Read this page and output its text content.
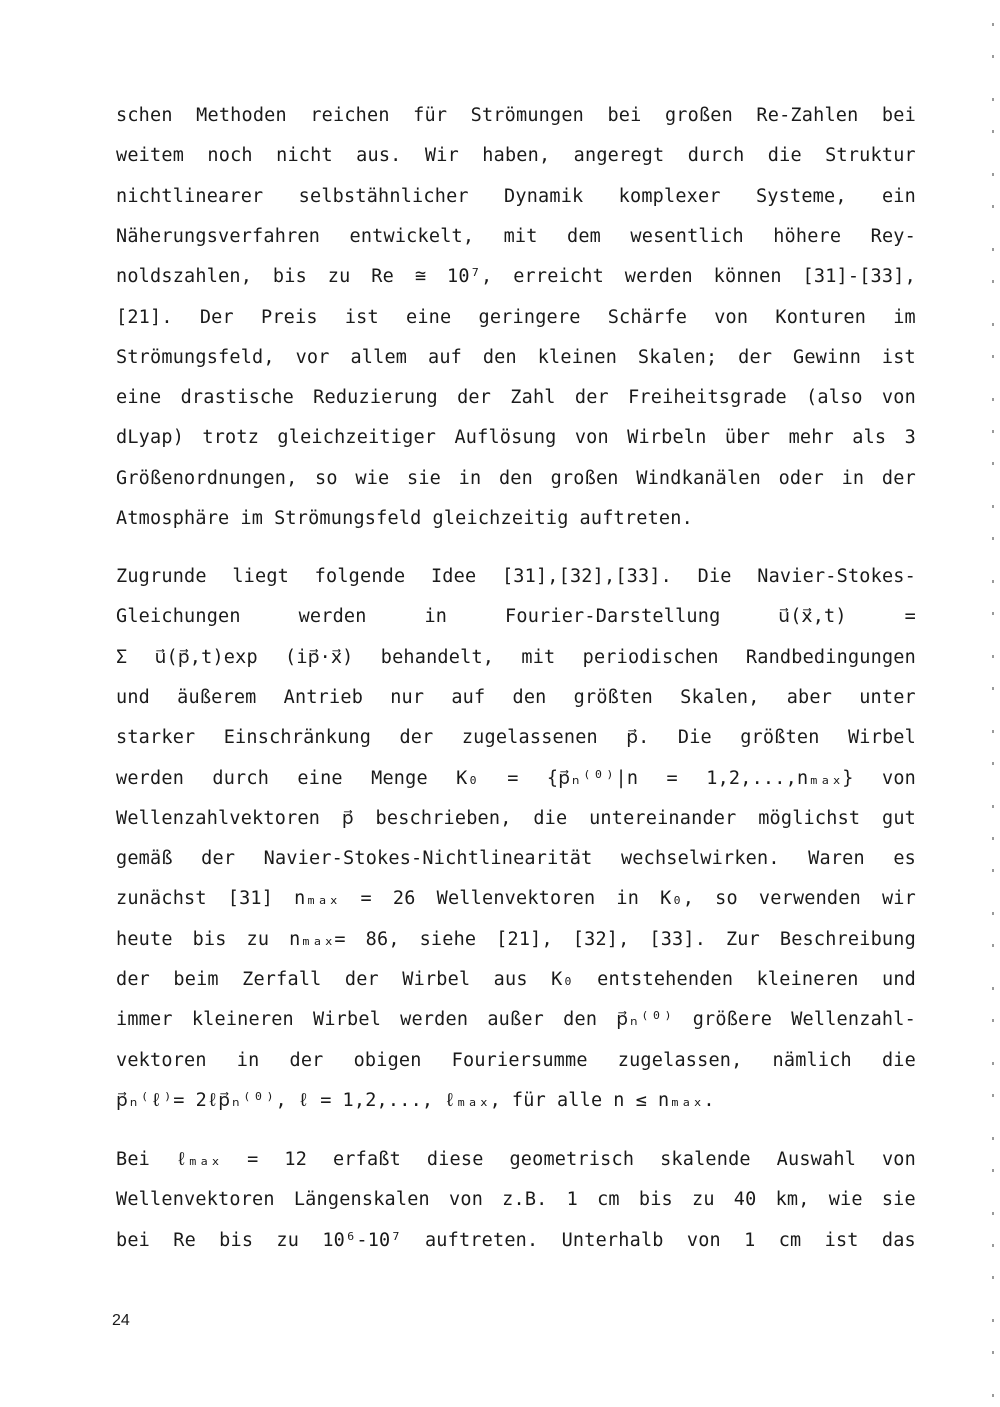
schen Methoden reichen für Strömungen bei großen Re-Zahlen bei
weitem noch nicht aus. Wir haben, angeregt durch die Struktur
nichtlinearer selbstähnlicher Dynamik komplexer Systeme, ein
Näherungsverfahren entwickelt, mit dem wesentlich höhere Rey-
noldszahlen, bis zu Re ≅ 10⁷, erreicht werden können [31]-[33],
[21]. Der Preis ist eine geringere Schärfe von Konturen im
Strömungsfeld, vor allem auf den kleinen Skalen; der Gewinn ist
eine drastische Reduzierung der Zahl der Freiheitsgrade (also von
dLyap) trotz gleichzeitiger Auflösung von Wirbeln über mehr als 3
Größenordnungen, so wie sie in den großen Windkanälen oder in der
Atmosphäre im Strömungsfeld gleichzeitig auftreten.
Zugrunde liegt folgende Idee [31],[32],[33]. Die Navier-Stokes-
Gleichungen	werden	in	Fourier-Darstellung	u⃗(x⃗,t)	=
Σ u⃗(p⃗,t)exp (ip⃗·x⃗) behandelt, mit periodischen Randbedingungen
und äußerem Antrieb nur auf den größten Skalen, aber unter
starker Einschränkung der zugelassenen p⃗. Die größten Wirbel
werden durch eine Menge K₀ = {p⃗ₙ⁽⁰⁾|n = 1,2,...,nₘₐₓ} von
Wellenzahlvektoren p⃗ beschrieben, die untereinander möglichst gut
gemäß der Navier-Stokes-Nichtlinearität wechselwirken. Waren es
zunächst [31] nₘₐₓ = 26 Wellenvektoren in K₀, so verwenden wir
heute bis zu nₘₐₓ= 86, siehe [21], [32], [33]. Zur Beschreibung
der beim Zerfall der Wirbel aus K₀ entstehenden kleineren und
immer kleineren Wirbel werden außer den p⃗ₙ⁽⁰⁾ größere Wellenzahl-
vektoren in der obigen Fouriersumme zugelassen, nämlich die
p⃗ₙ⁽ℓ⁾= 2ℓp⃗ₙ⁽⁰⁾, ℓ = 1,2,..., ℓₘₐₓ, für alle n ≤ nₘₐₓ.
Bei ℓₘₐₓ = 12 erfaßt diese geometrisch skalende Auswahl von
Wellenvektoren Längenskalen von z.B. 1 cm bis zu 40 km, wie sie
bei Re bis zu 10⁶-10⁷ auftreten. Unterhalb von 1 cm ist das
24
